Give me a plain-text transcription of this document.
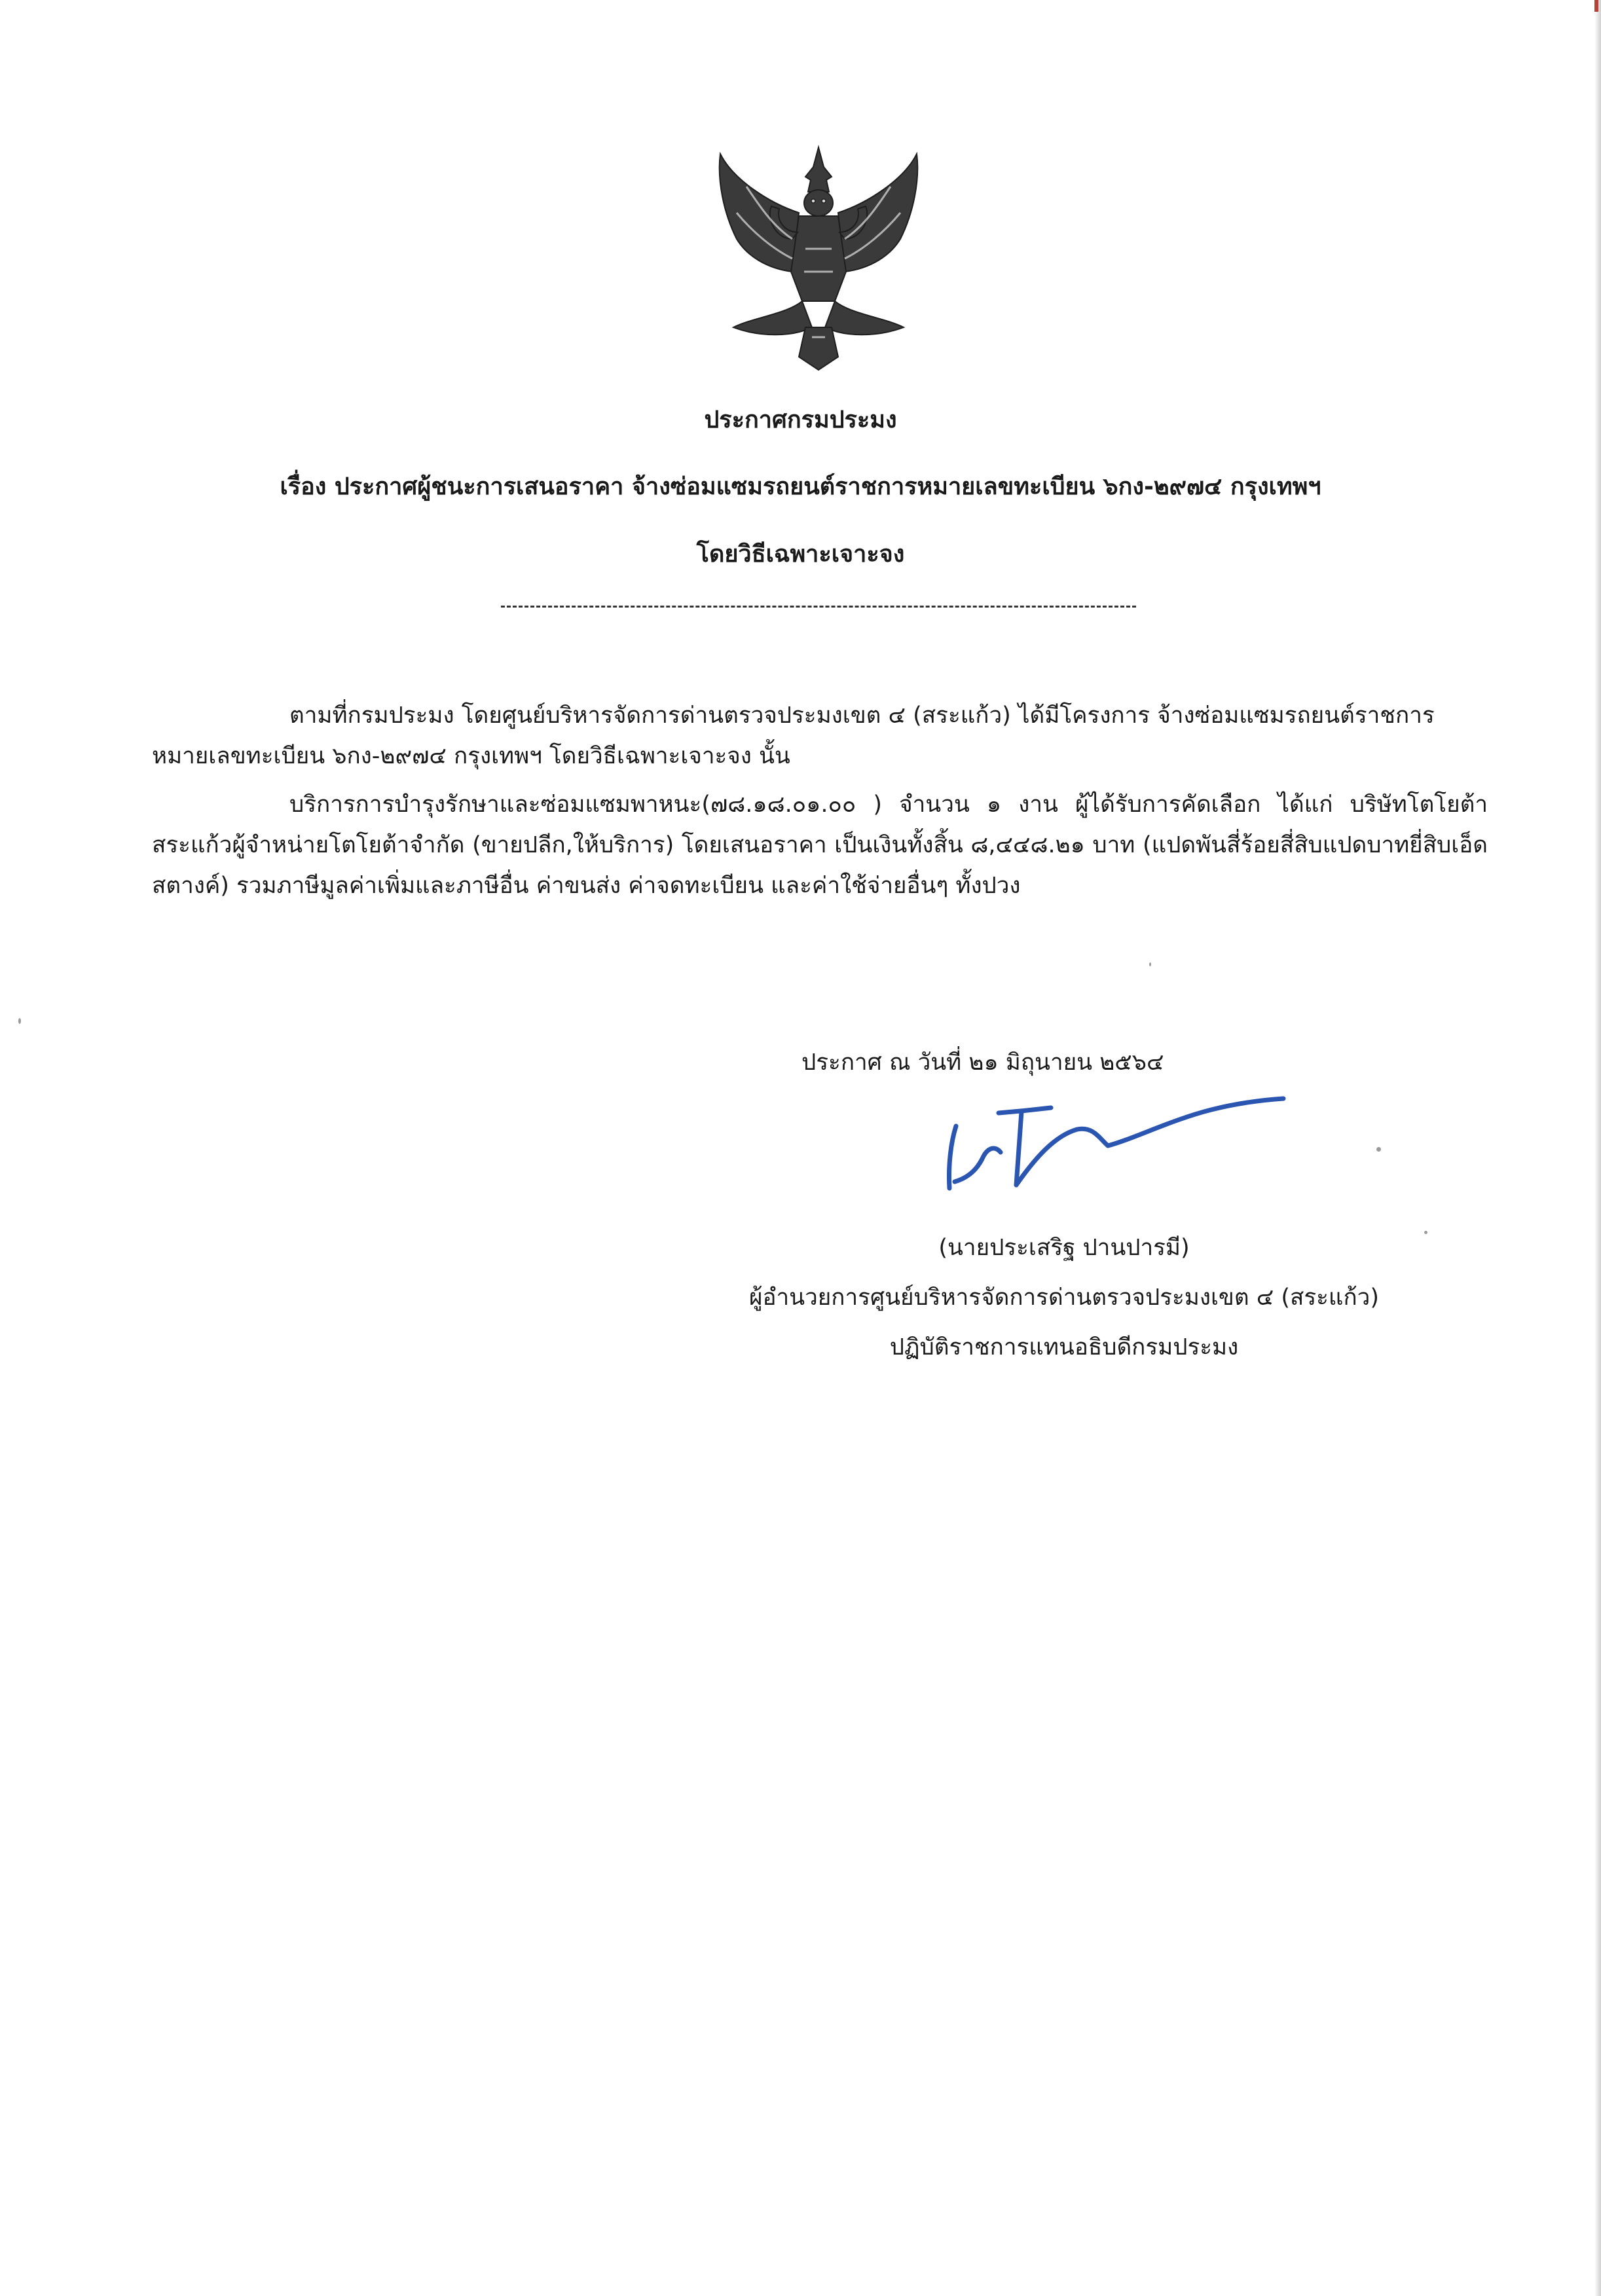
ประกาศกรมประมง
เรื่อง ประกาศผู้ชนะการเสนอราคา จ้างซ่อมแซมรถยนต์ราชการหมายเลขทะเบียน ๖กง-๒๙๗๔ กรุงเทพฯ
โดยวิธีเฉพาะเจาะจง
ตามที่กรมประมง โดยศูนย์บริหารจัดการด่านตรวจประมงเขต ๔ (สระแก้ว) ได้มีโครงการ จ้างซ่อมแซมรถยนต์ราชการหมายเลขทะเบียน ๖กง-๒๙๗๔ กรุงเทพฯ โดยวิธีเฉพาะเจาะจง นั้น
บริการการบำรุงรักษาและซ่อมแซมพาหนะ(๗๘.๑๘.๐๑.๐๐ ) จำนวน ๑ งาน ผู้ได้รับการคัดเลือก ได้แก่ บริษัทโตโยต้าสระแก้วผู้จำหน่ายโตโยต้าจำกัด (ขายปลีก,ให้บริการ) โดยเสนอราคา เป็นเงินทั้งสิ้น ๘,๔๔๘.๒๑ บาท (แปดพันสี่ร้อยสี่สิบแปดบาทยี่สิบเอ็ดสตางค์) รวมภาษีมูลค่าเพิ่มและภาษีอื่น ค่าขนส่ง ค่าจดทะเบียน และค่าใช้จ่ายอื่นๆ ทั้งปวง
ประกาศ ณ วันที่ ๒๑ มิถุนายน ๒๕๖๔
(นายประเสริฐ ปานปารมี)
ผู้อำนวยการศูนย์บริหารจัดการด่านตรวจประมงเขต ๔ (สระแก้ว)
ปฏิบัติราชการแทนอธิบดีกรมประมง
